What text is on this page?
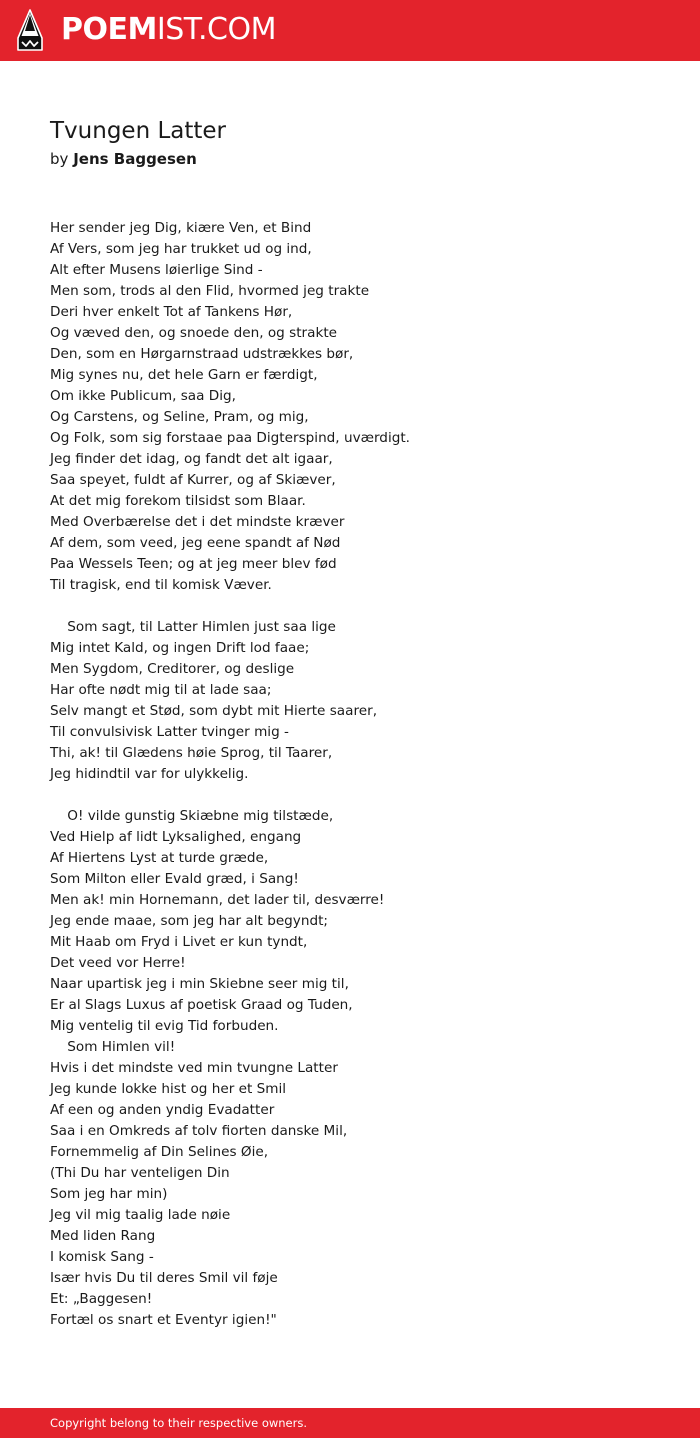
POEMIST.COM
Tvungen Latter
by Jens Baggesen
Her sender jeg Dig, kiære Ven, et Bind
Af Vers, som jeg har trukket ud og ind,
Alt efter Musens løierlige Sind -
Men som, trods al den Flid, hvormed jeg trakte
Deri hver enkelt Tot af Tankens Hør,
Og væved den, og snoede den, og strakte
Den, som en Hørgarnstraad udstrækkes bør,
Mig synes nu, det hele Garn er færdigt,
Om ikke Publicum, saa Dig,
Og Carstens, og Seline, Pram, og mig,
Og Folk, som sig forstaae paa Digterspind, uværdigt.
Jeg finder det idag, og fandt det alt igaar,
Saa speyet, fuldt af Kurrer, og af Skiæver,
At det mig forekom tilsidst som Blaar.
Med Overbærelse det i det mindste kræver
Af dem, som veed, jeg eene spandt af Nød
Paa Wessels Teen; og at jeg meer blev fød
Til tragisk, end til komisk Væver.
Som sagt, til Latter Himlen just saa lige
Mig intet Kald, og ingen Drift lod faae;
Men Sygdom, Creditorer, og deslige
Har ofte nødt mig til at lade saa;
Selv mangt et Stød, som dybt mit Hierte saarer,
Til convulsivisk Latter tvinger mig -
Thi, ak! til Glædens høie Sprog, til Taarer,
Jeg hidindtil var for ulykkelig.
O! vilde gunstig Skiæbne mig tilstæde,
Ved Hielp af lidt Lyksalighed, engang
Af Hiertens Lyst at turde græde,
Som Milton eller Evald græd, i Sang!
Men ak! min Hornemann, det lader til, desværre!
Jeg ende maae, som jeg har alt begyndt;
Mit Haab om Fryd i Livet er kun tyndt,
Det veed vor Herre!
Naar upartisk jeg i min Skiebne seer mig til,
Er al Slags Luxus af poetisk Graad og Tuden,
Mig ventelig til evig Tid forbuden.
Som Himlen vil!
Hvis i det mindste ved min tvungne Latter
Jeg kunde lokke hist og her et Smil
Af een og anden yndig Evadatter
Saa i en Omkreds af tolv fiorten danske Mil,
Fornemmelig af Din Selines Øie,
(Thi Du har venteligen Din
Som jeg har min)
Jeg vil mig taalig lade nøie
Med liden Rang
I komisk Sang -
Især hvis Du til deres Smil vil føje
Et: „Baggesen!
Fortæl os snart et Eventyr igien!"
Copyright belong to their respective owners.
